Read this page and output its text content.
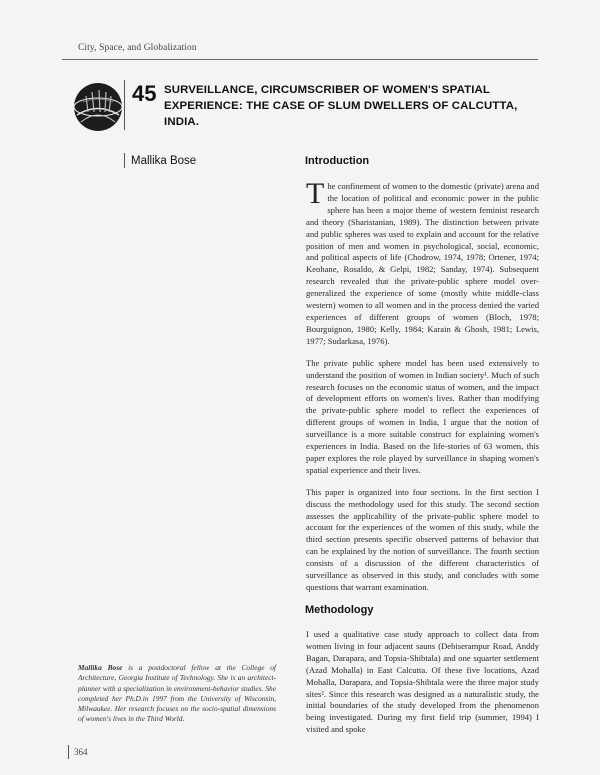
City, Space, and Globalization
45 SURVEILLANCE, CIRCUMSCRIBER OF WOMEN'S SPATIAL
EXPERIENCE: THE CASE OF SLUM DWELLERS OF CALCUTTA, INDIA.
Mallika Bose	Introduction

The confinement of women to the domestic (private) arena and the location of political and economic power in the public sphere has been a major theme of western feminist research and theory (Sharistanian, 1989). The distinction between private and public spheres was used to explain and account for the relative position of men and women in psychological, social, economic, and political aspects of life (Chodrow, 1974, 1978; Ortener, 1974; Keohane, Rosaldo, & Gelpi, 1982; Sanday, 1974). Subsequent research revealed that the private-public sphere model over-generalized the experience of some (mostly white middle-class western) women to all women and in the process denied the varied experiences of different groups of women (Bloch, 1978; Bourguignon, 1980; Kelly, 1984; Karain & Ghosh, 1981; Lewis, 1977; Sudarkasa, 1976).

The private public sphere model has been used extensively to understand the position of women in Indian society¹. Much of such research focuses on the economic status of women, and the impact of development efforts on women's lives. Rather than modifying the private-public sphere model to reflect the experiences of different groups of women in India, I argue that the notion of surveillance is a more suitable construct for explaining women's experiences in India. Based on the life-stories of 63 women, this paper explores the role played by surveillance in shaping women's spatial experience and their lives.

This paper is organized into four sections. In the first section I discuss the methodology used for this study. The second section assesses the applicability of the private-public sphere model to account for the experiences of the women of this study, while the third section presents specific observed patterns of behavior that can be explained by the notion of surveillance. The fourth section consists of a discussion of the different characteristics of surveillance as observed in this study, and concludes with some questions that warrant examination.

Methodology

I used a qualitative case study approach to collect data from women living in four adjacent sauns (Debiserampur Road, Anddy Bagan, Darapara, and Topsia-Shibtala) and one squarter settlement (Azad Mohalla) in East Calcutta. Of these five locations, Azad Mohalla, Darapara, and Topsia-Shibtala were the three major study sites². Since this research was designed as a naturalistic study, the initial boundaries of the study developed from the phenomenon being investigated. During my first field trip (summer, 1994) I visited and spoke

Mallika Bose is a postdoctoral fellow at the College of Architecture, Georgia Institute of Technology. She is an architect-planner with a specialization in environment-behavior studies. She completed her Ph.D.in 1997 from the University of Wisconsin, Milwaukee. Her research focuses on the socio-spatial dimensions of women's lives in the Third World.
364
